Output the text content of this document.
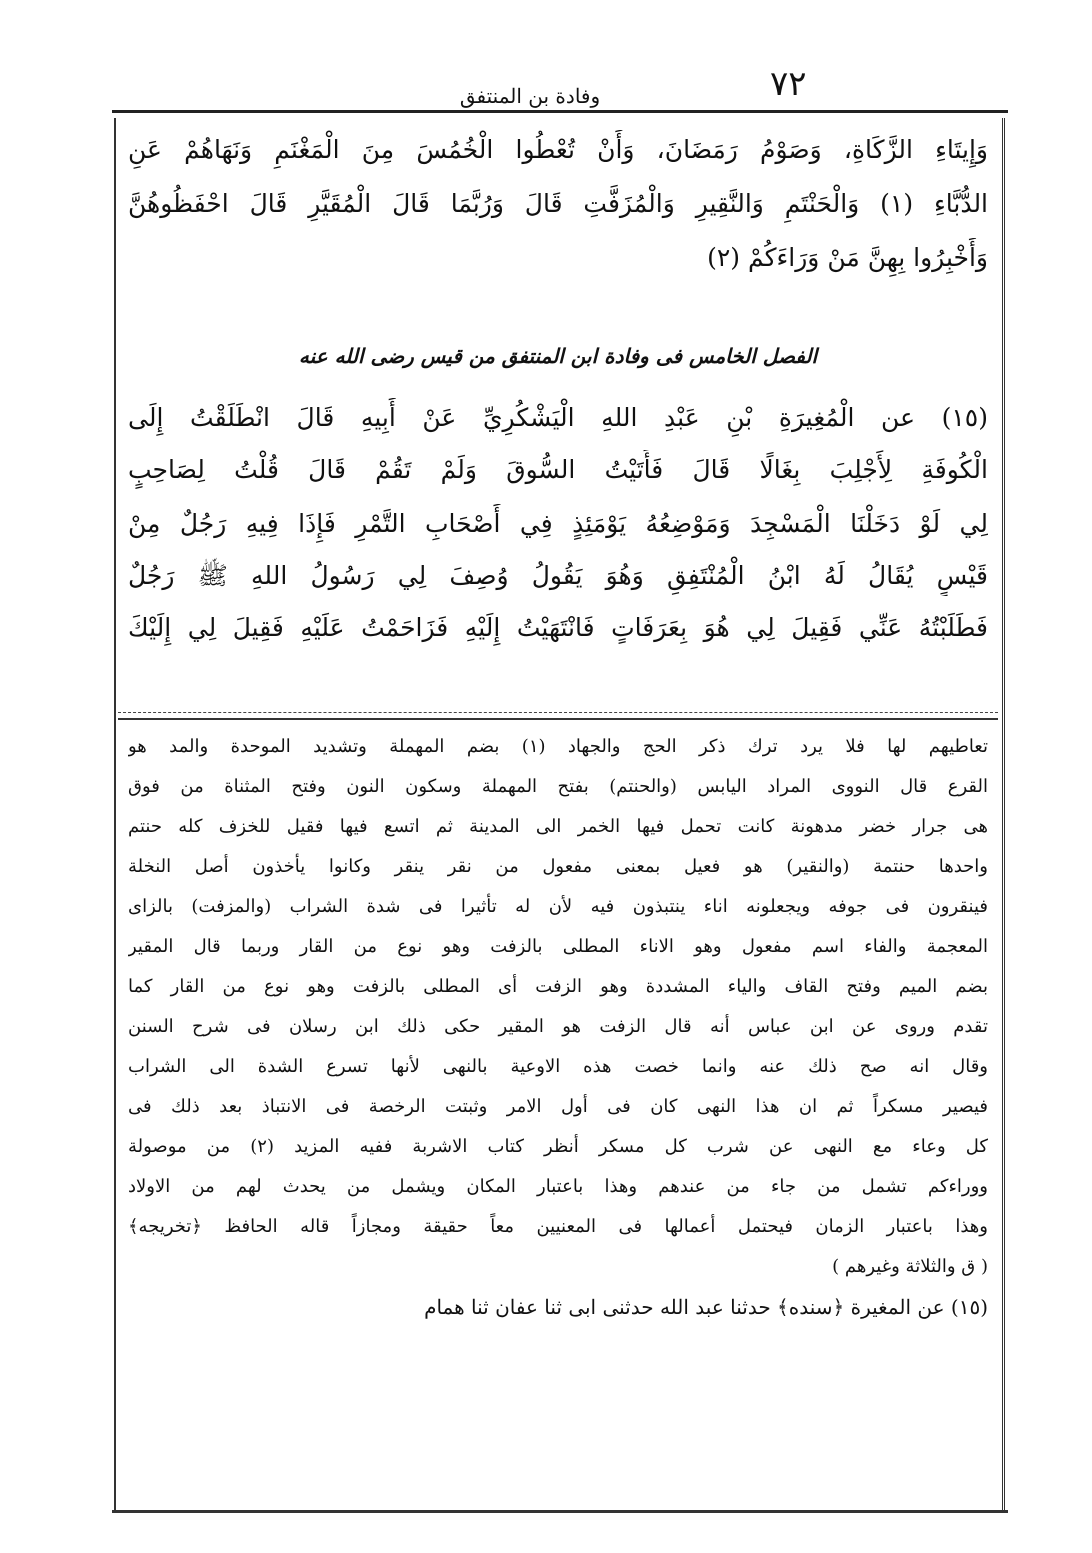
٧٢
وفادة بن المنتفق
وَإِيتَاءِ الزَّكَاةِ، وَصَوْمُ رَمَضَانَ، وَأَنْ تُعْطُوا الْخُمُسَ مِنَ الْمَغْنَمِ وَنَهَاهُمْ عَنِ
الدُّبَّاءِ (١) وَالْحَنْتَمِ وَالنَّقِيرِ وَالْمُزَفَّتِ قَالَ وَرُبَّمَا قَالَ الْمُقَيَّرِ قَالَ احْفَظُوهُنَّ
وَأَخْبِرُوا بِهِنَّ مَنْ وَرَاءَكُمْ (٢)
الفصل الخامس فى وفادة ابن المنتفق من قيس رضى الله عنه
(١٥) عن الْمُغِيرَةِ بْنِ عَبْدِ اللهِ الْيَشْكُرِيِّ عَنْ أَبِيهِ قَالَ انْطَلَقْتُ إِلَى
الْكُوفَةِ لِأَجْلِبَ بِغَالًا قَالَ فَأَتَيْتُ السُّوقَ وَلَمْ تَقُمْ قَالَ قُلْتُ لِصَاحِبٍ
لِي لَوْ دَخَلْنَا الْمَسْجِدَ وَمَوْضِعُهُ يَوْمَئِذٍ فِي أَصْحَابِ التَّمْرِ فَإِذَا فِيهِ رَجُلٌ مِنْ
قَيْسٍ يُقَالُ لَهُ ابْنُ الْمُنْتَفِقِ وَهُوَ يَقُولُ وُصِفَ لِي رَسُولُ اللهِ ﷺ رَجُلٌ
فَطَلَبْتُهُ عَنِّي فَقِيلَ لِي هُوَ بِعَرَفَاتٍ فَانْتَهَيْتُ إِلَيْهِ فَزَاحَمْتُ عَلَيْهِ فَقِيلَ لِي إِلَيْكَ
تعاطيهم لها فلا يرد ترك ذكر الحج والجهاد (١) بضم المهملة وتشديد الموحدة والمد هو
القرع قال النووى المراد اليابس (والحنتم) بفتح المهملة وسكون النون وفتح المثناة من فوق
هى جرار خضر مدهونة كانت تحمل فيها الخمر الى المدينة ثم اتسع فيها فقيل للخزف كله حنتم
واحدها حنتمة (والنقير) هو فعيل بمعنى مفعول من نقر ينقر وكانوا يأخذون أصل النخلة
فينقرون فى جوفه ويجعلونه اناء ينتبذون فيه لأن له تأثيرا فى شدة الشراب (والمزفت) بالزاى
المعجمة والفاء اسم مفعول وهو الاناء المطلى بالزفت وهو نوع من القار وربما قال المقير
بضم الميم وفتح القاف والياء المشددة وهو الزفت أى المطلى بالزفت وهو نوع من القار كما
تقدم وروى عن ابن عباس أنه قال الزفت هو المقير حكى ذلك ابن رسلان فى شرح السنن
وقال انه صح ذلك عنه وانما خصت هذه الاوعية بالنهى لأنها تسرع الشدة الى الشراب
فيصير مسكراً ثم ان هذا النهى كان فى أول الامر وثبتت الرخصة فى الانتباذ بعد ذلك فى
كل وعاء مع النهى عن شرب كل مسكر أنظر كتاب الاشربة ففيه المزيد (٢) من موصولة
ووراءكم تشمل من جاء من عندهم وهذا باعتبار المكان ويشمل من يحدث لهم من الاولاد
وهذا باعتبار الزمان فيحتمل أعمالها فى المعنيين معاً حقيقة ومجازاً قاله الحافظ ﴿تخريجه﴾
( ق والثلاثة وغيرهم )
(١٥) عن المغيرة ﴿سنده﴾ حدثنا عبد الله حدثنى ابى ثنا عفان ثنا همام
